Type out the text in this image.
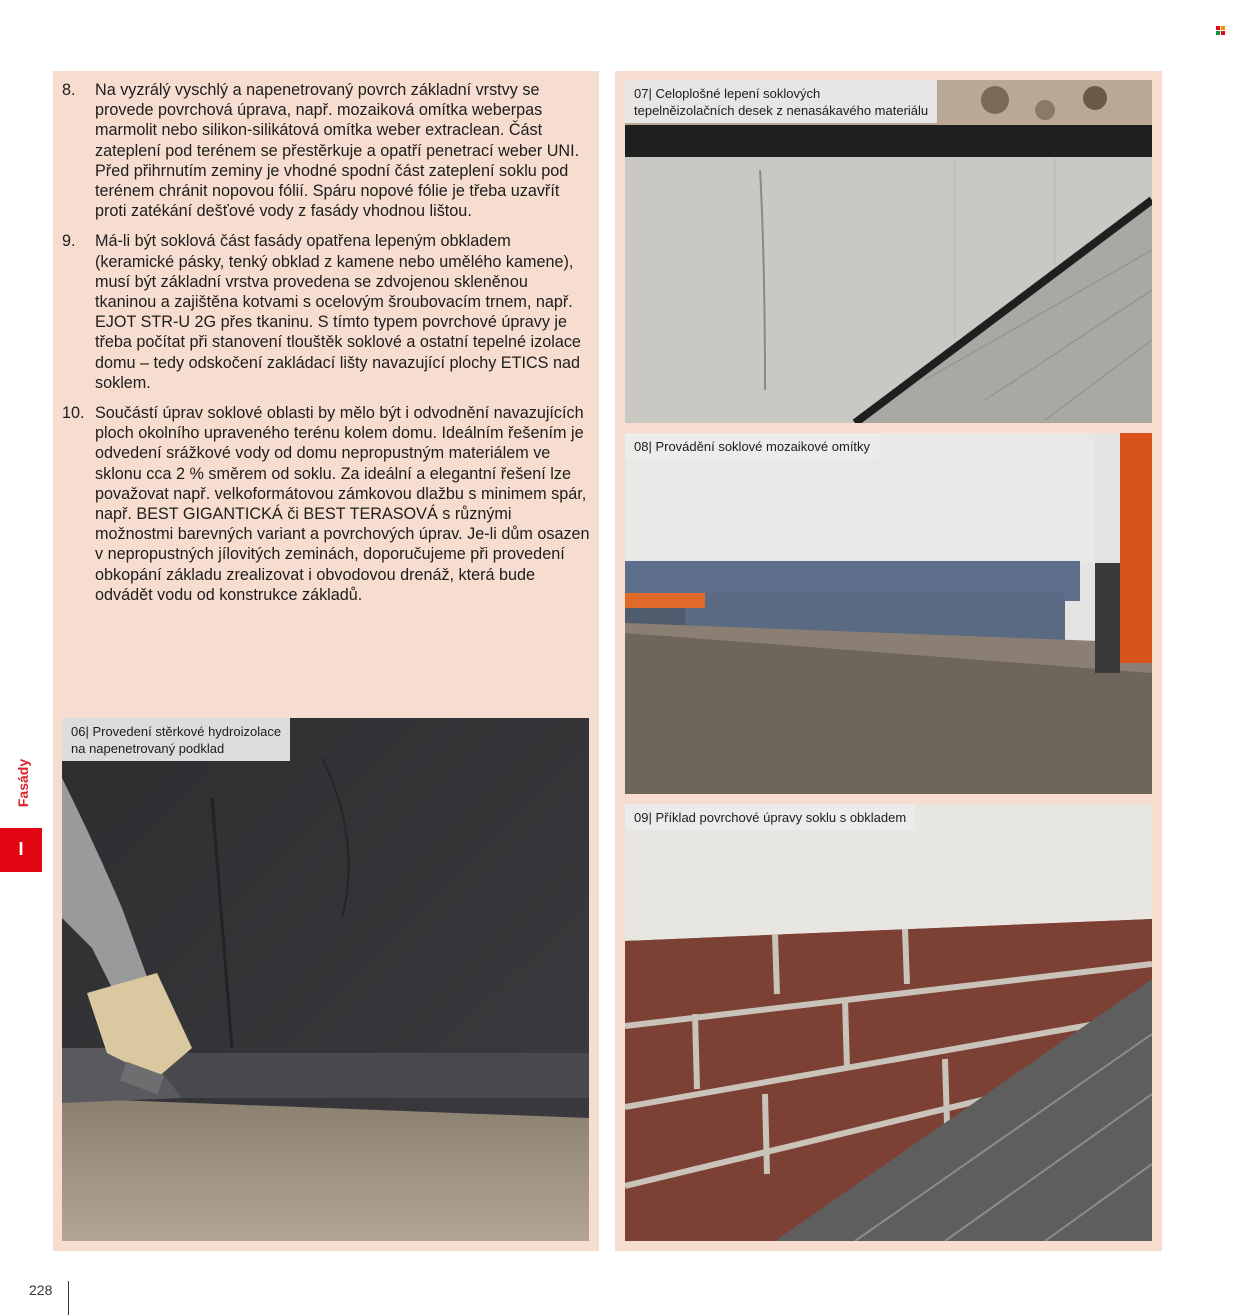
8.	Na vyzrálý vyschlý a napenetrovaný povrch základní vrstvy se provede povrchová úprava, např. mozaiková omítka weberpas marmolit nebo silikon-silikátová omítka weber extraclean. Část zateplení pod terénem se přestěrkuje a opatří penetrací weber UNI. Před přihrnutím zeminy je vhodné spodní část zateplení soklu pod terénem chránit nopovou fólií. Spáru nopové fólie je třeba uzavřít proti zatékání dešťové vody z fasády vhodnou lištou.
9.	Má-li být soklová část fasády opatřena lepeným obkladem (keramické pásky, tenký obklad z kamene nebo umělého kamene), musí být základní vrstva provedena se zdvojenou skleněnou tkaninou a zajištěna kotvami s ocelovým šroubovacím trnem, např. EJOT STR-U 2G přes tkaninu. S tímto typem povrchové úpravy je třeba počítat při stanovení tlouštěk soklové a ostatní tepelné izolace domu – tedy odskočení zakládací lišty navazující plochy ETICS nad soklem.
10. Součástí úprav soklové oblasti by mělo být i odvodnění navazujících ploch okolního upraveného terénu kolem domu. Ideálním řešením je odvedení srážkové vody od domu nepropustným materiálem ve sklonu cca 2 % směrem od soklu. Za ideální a elegantní řešení lze považovat např. velkoformátovou zámkovou dlažbu s minimem spár, např. BEST GIGANTICKÁ či BEST TERASOVÁ s různými možnostmi barevných variant a povrchových úprav. Je-li dům osazen v nepropustných jílovitých zeminách, doporučujeme při provedení obkopání základu zrealizovat i obvodovou drenáž, která bude odvádět vodu od konstrukce základů.
06| Provedení stěrkové hydroizolace
na napenetrovaný podklad
07| Celoplošné lepení soklových
tepelněizolačních desek z nenasákavého materiálu
08| Provádění soklové mozaikové omítky
09| Příklad povrchové úpravy soklu s obkladem
Fasády
I
228
